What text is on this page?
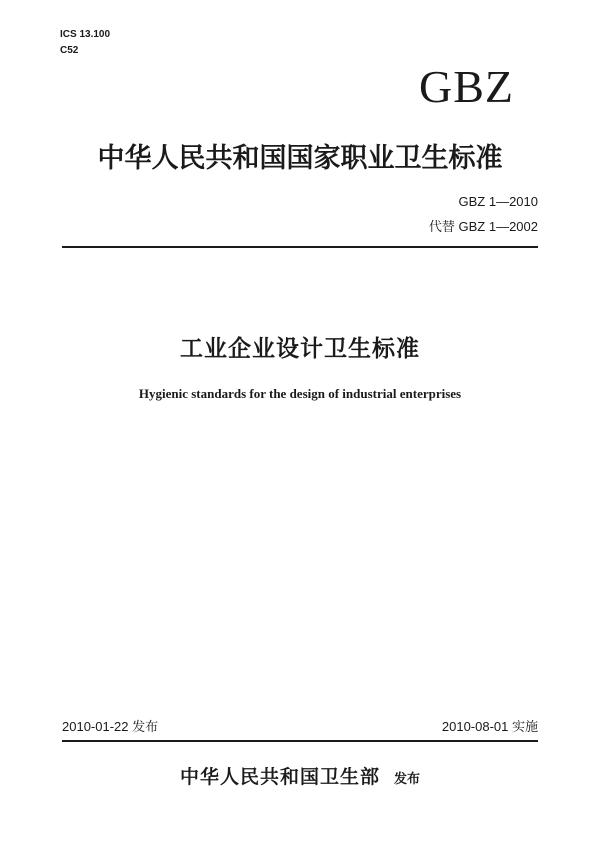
ICS 13.100
C52
GBZ
中华人民共和国国家职业卫生标准
GBZ 1—2010
代替 GBZ 1—2002
工业企业设计卫生标准
Hygienic standards for the design of industrial enterprises
2010-01-22 发布	2010-08-01 实施
中华人民共和国卫生部 发布
